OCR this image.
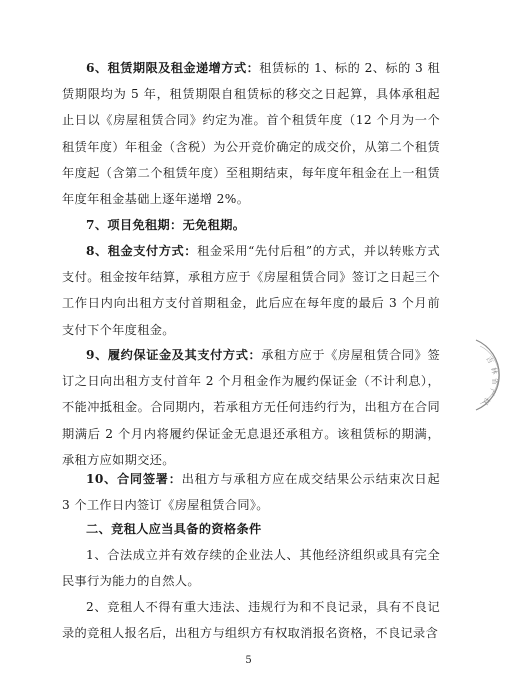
6、租赁期限及租金递增方式：租赁标的 1、标的 2、标的 3 租赁期限均为 5 年，租赁期限自租赁标的移交之日起算，具体承租起止日以《房屋租赁合同》约定为准。首个租赁年度（12 个月为一个租赁年度）年租金（含税）为公开竞价确定的成交价，从第二个租赁年度起（含第二个租赁年度）至租期结束，每年度年租金在上一租赁年度年租金基础上逐年递增 2%。

7、项目免租期：无免租期。

8、租金支付方式：租金采用“先付后租”的方式，并以转账方式支付。租金按年结算，承租方应于《房屋租赁合同》签订之日起三个工作日内向出租方支付首期租金，此后应在每年度的最后 3 个月前支付下个年度租金。

9、履约保证金及其支付方式：承租方应于《房屋租赁合同》签订之日向出租方支付首年 2 个月租金作为履约保证金（不计利息），不能冲抵租金。合同期内，若承租方无任何违约行为，出租方在合同期满后 2 个月内将履约保证金无息退还承租方。该租赁标的期满，承租方应如期交还。

10、合同签署：出租方与承租方应在成交结果公示结束次日起 3 个工作日内签订《房屋租赁合同》。

二、竞租人应当具备的资格条件

1、合法成立并有效存续的企业法人、其他经济组织或具有完全民事行为能力的自然人。

2、竞租人不得有重大违法、违规行为和不良记录，具有不良记录的竞租人报名后，出租方与组织方有权取消报名资格，不良记录含

5
吉
林
省
产
权
